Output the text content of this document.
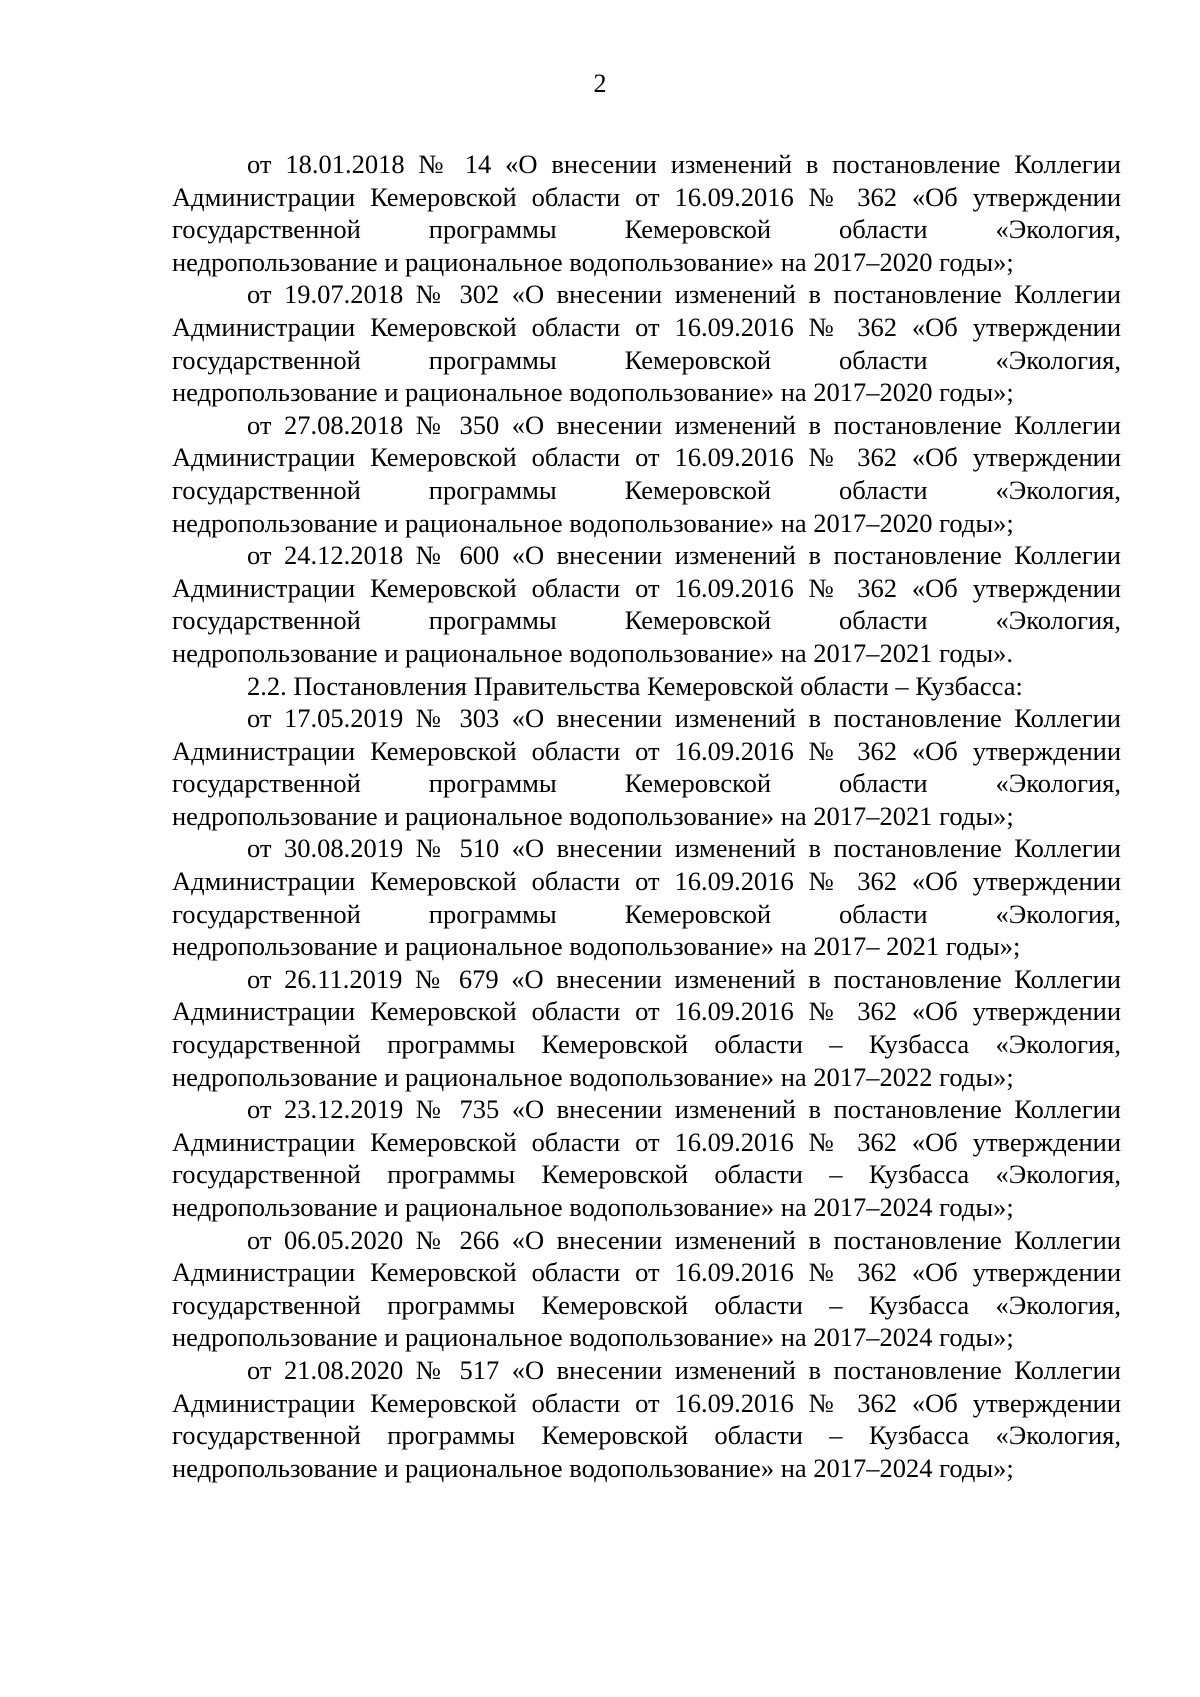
2

от 18.01.2018 № 14 «О внесении изменений в постановление Коллегии
Администрации Кемеровской области от 16.09.2016 № 362 «Об утверждении
государственной программы Кемеровской области «Экология,
недропользование и рациональное водопользование» на 2017–2020 годы»;

от 19.07.2018 № 302 «О внесении изменений в постановление Коллегии
Администрации Кемеровской области от 16.09.2016 № 362 «Об утверждении
государственной программы Кемеровской области «Экология,
недропользование и рациональное водопользование» на 2017–2020 годы»;

от 27.08.2018 № 350 «О внесении изменений в постановление Коллегии
Администрации Кемеровской области от 16.09.2016 № 362 «Об утверждении
государственной программы Кемеровской области «Экология,
недропользование и рациональное водопользование» на 2017–2020 годы»;

от 24.12.2018 № 600 «О внесении изменений в постановление Коллегии
Администрации Кемеровской области от 16.09.2016 № 362 «Об утверждении
государственной программы Кемеровской области «Экология,
недропользование и рациональное водопользование» на 2017–2021 годы».

2.2. Постановления Правительства Кемеровской области – Кузбасса:

от 17.05.2019 № 303 «О внесении изменений в постановление Коллегии
Администрации Кемеровской области от 16.09.2016 № 362 «Об утверждении
государственной программы Кемеровской области «Экология,
недропользование и рациональное водопользование» на 2017–2021 годы»;

от 30.08.2019 № 510 «О внесении изменений в постановление Коллегии
Администрации Кемеровской области от 16.09.2016 № 362 «Об утверждении
государственной программы Кемеровской области «Экология,
недропользование и рациональное водопользование» на 2017– 2021 годы»;

от 26.11.2019 № 679 «О внесении изменений в постановление Коллегии
Администрации Кемеровской области от 16.09.2016 № 362 «Об утверждении
государственной программы Кемеровской области – Кузбасса «Экология,
недропользование и рациональное водопользование» на 2017–2022 годы»;

от 23.12.2019 № 735 «О внесении изменений в постановление Коллегии
Администрации Кемеровской области от 16.09.2016 № 362 «Об утверждении
государственной программы Кемеровской области – Кузбасса «Экология,
недропользование и рациональное водопользование» на 2017–2024 годы»;

от 06.05.2020 № 266 «О внесении изменений в постановление Коллегии
Администрации Кемеровской области от 16.09.2016 № 362 «Об утверждении
государственной программы Кемеровской области – Кузбасса «Экология,
недропользование и рациональное водопользование» на 2017–2024 годы»;

от 21.08.2020 № 517 «О внесении изменений в постановление Коллегии
Администрации Кемеровской области от 16.09.2016 № 362 «Об утверждении
государственной программы Кемеровской области – Кузбасса «Экология,
недропользование и рациональное водопользование» на 2017–2024 годы»;
